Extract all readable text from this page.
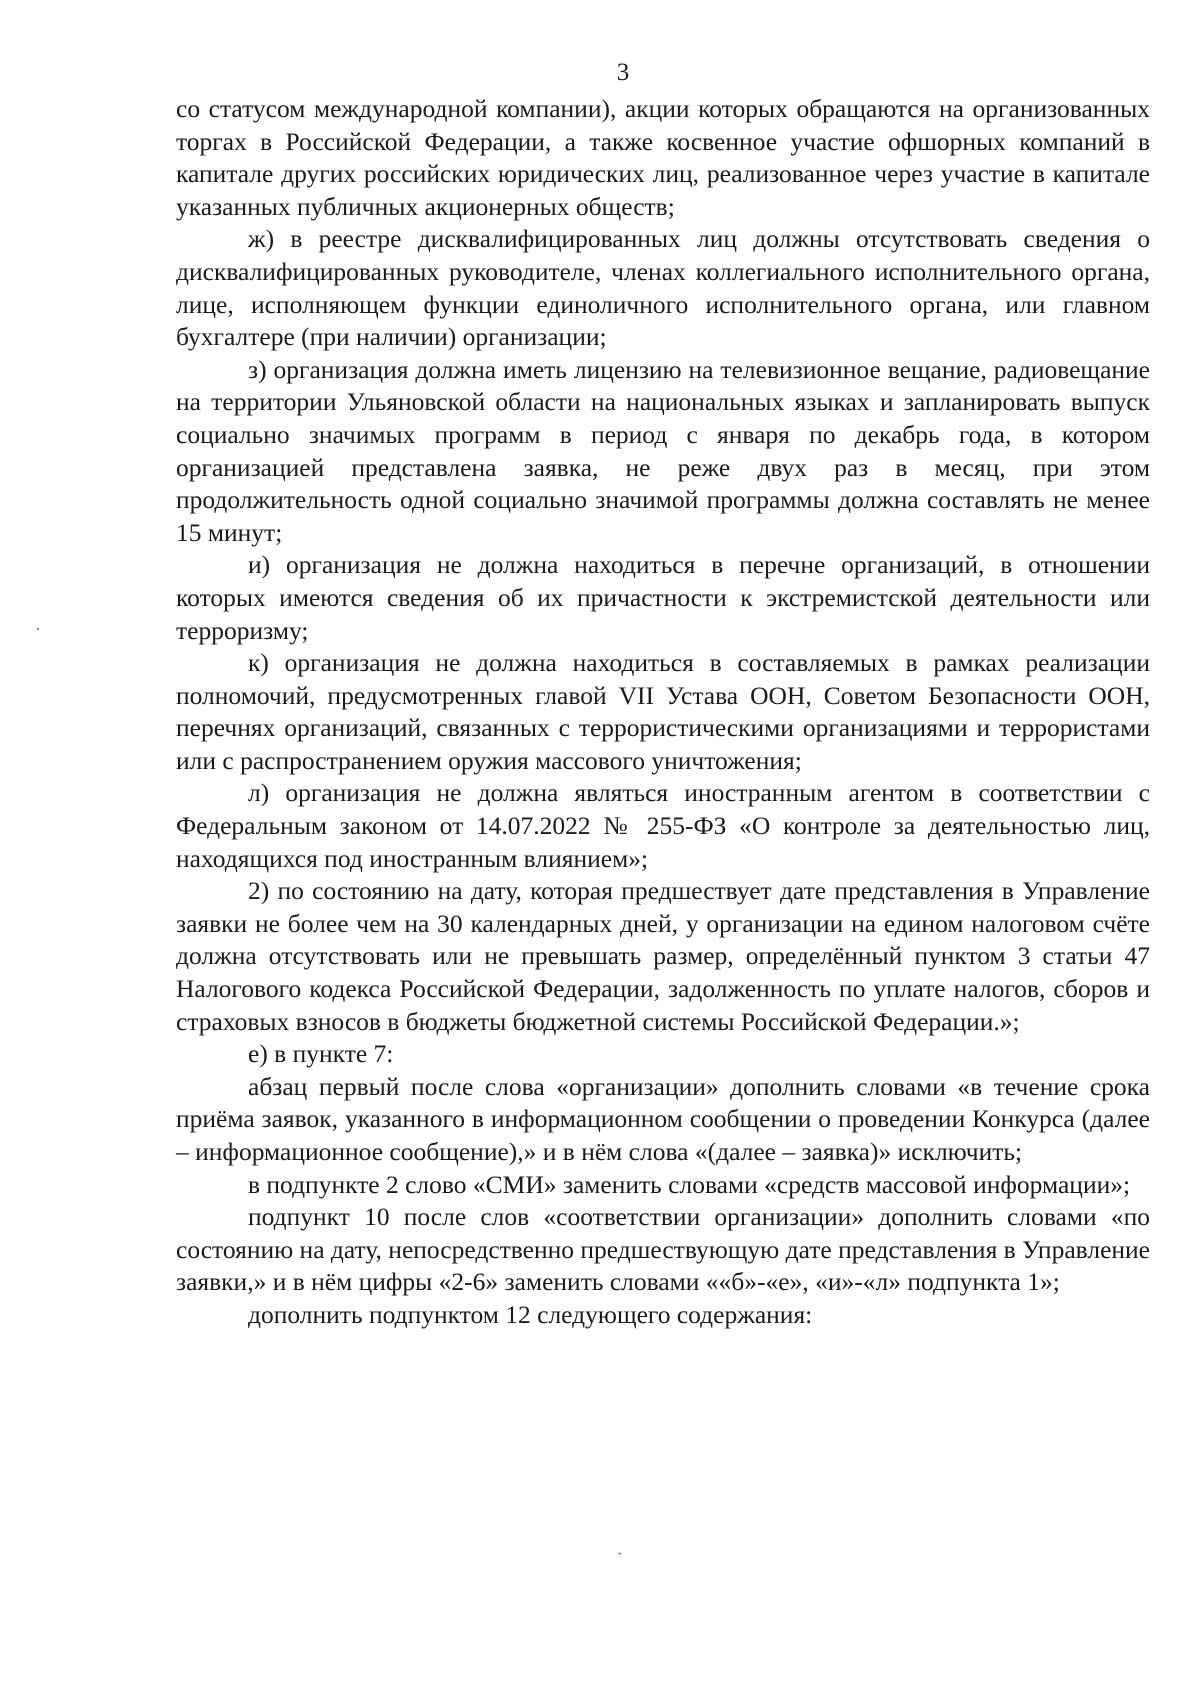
3

со статусом международной компании), акции которых обращаются на организованных торгах в Российской Федерации, а также косвенное участие офшорных компаний в капитале других российских юридических лиц, реализованное через участие в капитале указанных публичных акционерных обществ;

ж) в реестре дисквалифицированных лиц должны отсутствовать сведения о дисквалифицированных руководителе, членах коллегиального исполнительного органа, лице, исполняющем функции единоличного исполнительного органа, или главном бухгалтере (при наличии) организации;

з) организация должна иметь лицензию на телевизионное вещание, радиовещание на территории Ульяновской области на национальных языках и запланировать выпуск социально значимых программ в период с января по декабрь года, в котором организацией представлена заявка, не реже двух раз в месяц, при этом продолжительность одной социально значимой программы должна составлять не менее 15 минут;

и) организация не должна находиться в перечне организаций, в отношении которых имеются сведения об их причастности к экстремистской деятельности или терроризму;

к) организация не должна находиться в составляемых в рамках реализации полномочий, предусмотренных главой VII Устава ООН, Советом Безопасности ООН, перечнях организаций, связанных с террористическими организациями и террористами или с распространением оружия массового уничтожения;

л) организация не должна являться иностранным агентом в соответствии с Федеральным законом от 14.07.2022 № 255-ФЗ «О контроле за деятельностью лиц, находящихся под иностранным влиянием»;

2) по состоянию на дату, которая предшествует дате представления в Управление заявки не более чем на 30 календарных дней, у организации на едином налоговом счёте должна отсутствовать или не превышать размер, определённый пунктом 3 статьи 47 Налогового кодекса Российской Федерации, задолженность по уплате налогов, сборов и страховых взносов в бюджеты бюджетной системы Российской Федерации.»;

е) в пункте 7:

абзац первый после слова «организации» дополнить словами «в течение срока приёма заявок, указанного в информационном сообщении о проведении Конкурса (далее – информационное сообщение),» и в нём слова «(далее – заявка)» исключить;

в подпункте 2 слово «СМИ» заменить словами «средств массовой информации»;

подпункт 10 после слов «соответствии организации» дополнить словами «по состоянию на дату, непосредственно предшествующую дате представления в Управление заявки,» и в нём цифры «2-6» заменить словами ««б»-«е», «и»-«л» подпункта 1»;

дополнить подпунктом 12 следующего содержания:

.
·
